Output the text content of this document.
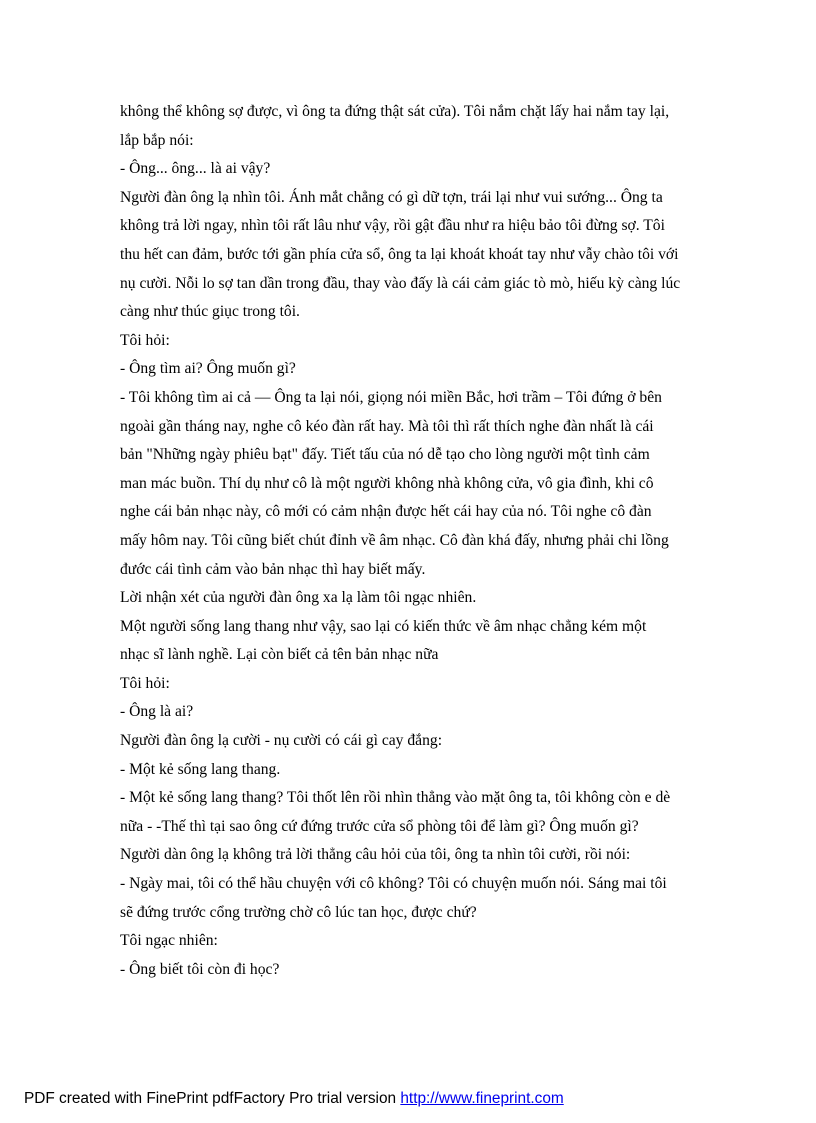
không thể không sợ được, vì ông ta đứng thật sát cửa). Tôi nắm chặt lấy hai nắm tay lại,

lắp bắp nói:

- Ông... ông... là ai vậy?

Người đàn ông lạ nhìn tôi. Ánh mắt chẳng có gì dữ tợn, trái lại như vui sướng... Ông ta

không trả lời ngay, nhìn tôi rất lâu như vậy, rồi gật đầu như ra hiệu bảo tôi đừng sợ. Tôi

thu hết can đảm, bước tới gần phía cửa sổ, ông ta lại khoát khoát tay như vẫy chào tôi với

nụ cười. Nỗi lo sợ tan dần trong đầu, thay vào đấy là cái cảm giác tò mò, hiếu kỳ càng lúc

càng như thúc giục trong tôi.

Tôi hỏi:

- Ông tìm ai? Ông muốn gì?

- Tôi không tìm ai cả — Ông ta lại nói, giọng nói miền Bắc, hơi trầm – Tôi đứng ở bên

ngoài gần tháng nay, nghe cô kéo đàn rất hay. Mà tôi thì rất thích nghe đàn nhất là cái

bản "Những ngày phiêu bạt" đấy. Tiết tấu của nó dễ tạo cho lòng người một tình cảm

man mác buồn. Thí dụ như cô là một người không nhà không cửa, vô gia đình, khi cô

nghe cái bản nhạc này, cô mới có cảm nhận được hết cái hay của nó. Tôi nghe cô đàn

mấy hôm nay. Tôi cũng biết chút đỉnh về âm nhạc. Cô đàn khá đấy, nhưng phải chi lồng

đước cái tình cảm vào bản nhạc thì hay biết mấy.

Lời nhận xét của người đàn ông xa lạ làm tôi ngạc nhiên.

Một người sống lang thang như vậy, sao lại có kiến thức về âm nhạc chẳng kém một

nhạc sĩ lành nghề. Lại còn biết cả tên bản nhạc nữa

Tôi hỏi:

- Ông là ai?

Người đàn ông lạ cười - nụ cười có cái gì cay đắng:

- Một kẻ sống lang thang.

- Một kẻ sống lang thang? Tôi thốt lên rồi nhìn thẳng vào mặt ông ta, tôi không còn e dè

nữa - -Thế thì tại sao ông cứ đứng trước cửa sổ phòng tôi để làm gì? Ông muốn gì?

Người dàn ông lạ không trả lời thẳng câu hỏi của tôi, ông ta nhìn tôi cười, rồi nói:

- Ngày mai, tôi có thể hầu chuyện với cô không? Tôi có chuyện muốn nói. Sáng mai tôi

sẽ đứng trước cổng trường chờ cô lúc tan học, được chứ?

Tôi ngạc nhiên:

- Ông biết tôi còn đi học?

PDF created with FinePrint pdfFactory Pro trial version http://www.fineprint.com
